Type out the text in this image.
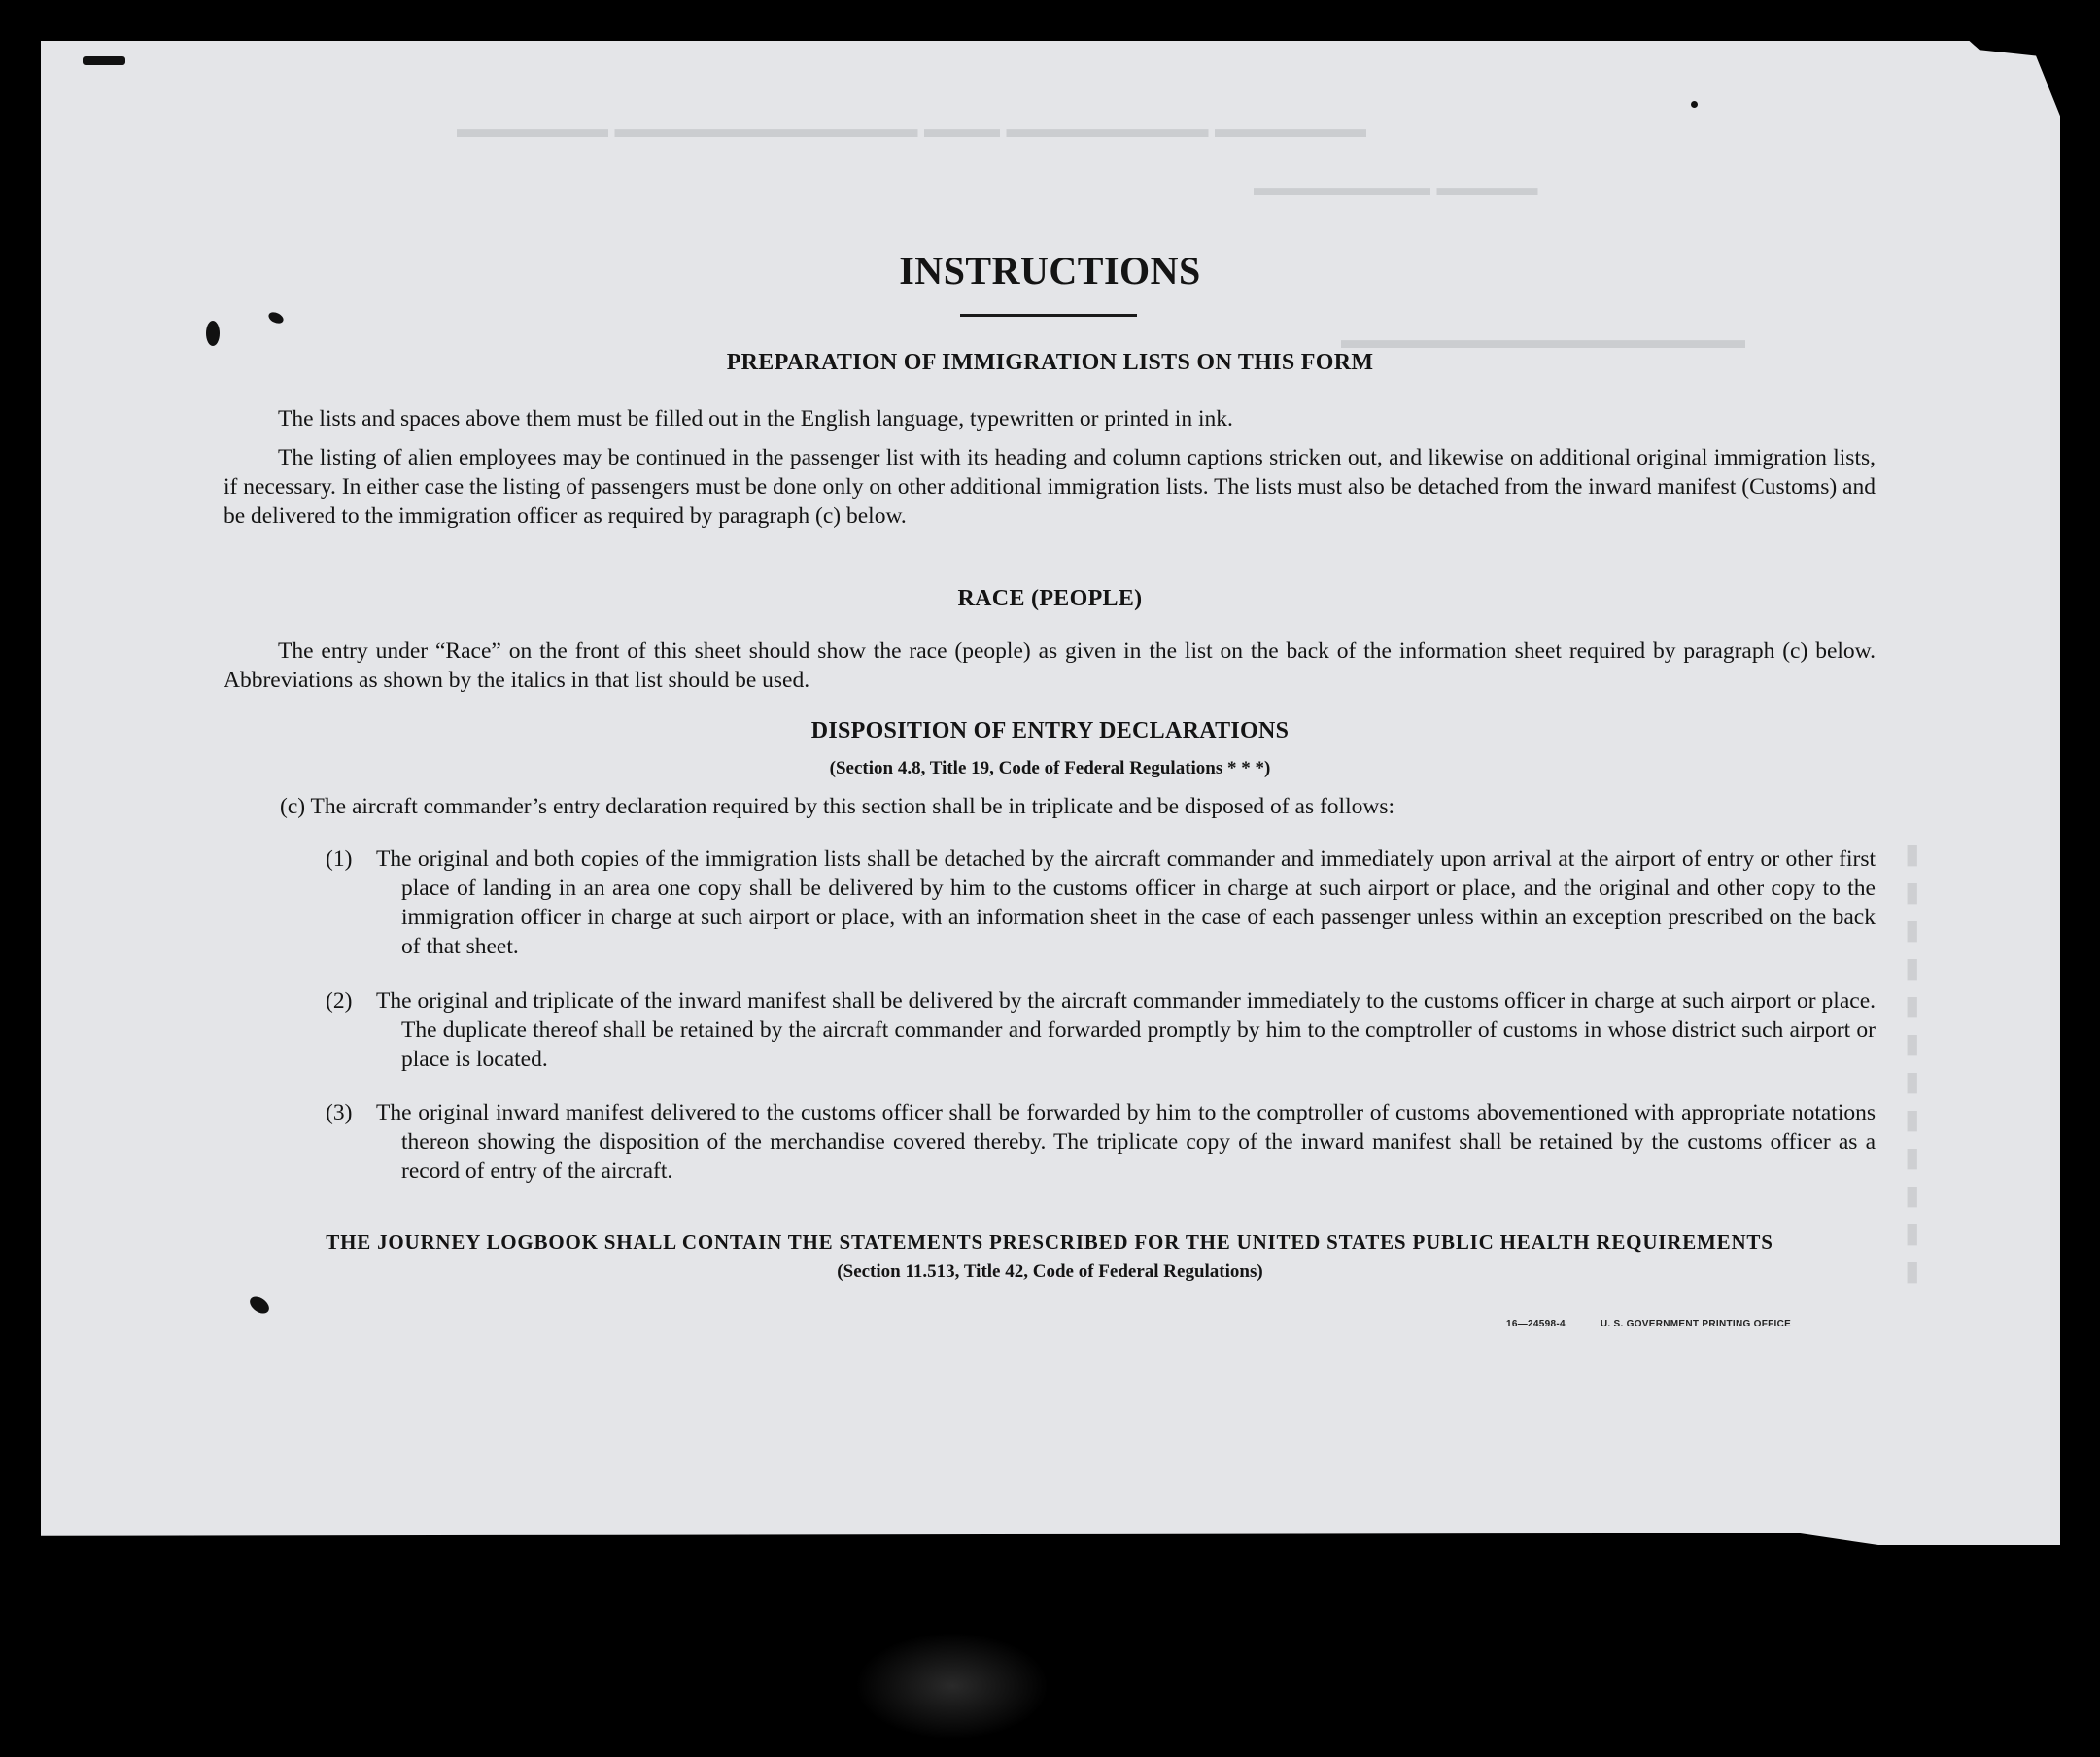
▬▬▬▬▬▬ ▬▬▬▬▬▬▬▬ ▬▬▬ ▬▬▬▬▬▬▬▬▬▬▬▬ ▬▬▬▬▬▬
▬▬▬▬ ▬▬▬▬▬▬▬
▬▬▬▬▬▬▬▬▬▬▬▬▬▬▬▬
▮
▮
▮
▮
▮
▮
▮
▮
▮
▮
▮
▮
INSTRUCTIONS
PREPARATION OF IMMIGRATION LISTS ON THIS FORM

The lists and spaces above them must be filled out in the English language, typewritten or printed in ink.

The listing of alien employees may be continued in the passenger list with its heading and column captions stricken out, and likewise on additional original immigration lists, if necessary. In either case the listing of passengers must be done only on other additional immigration lists. The lists must also be detached from the inward manifest (Customs) and be delivered to the immigration officer as required by paragraph (c) below.

RACE (PEOPLE)

The entry under “Race” on the front of this sheet should show the race (people) as given in the list on the back of the information sheet required by paragraph (c) below. Abbreviations as shown by the italics in that list should be used.

DISPOSITION OF ENTRY DECLARATIONS

(Section 4.8, Title 19, Code of Federal Regulations * * *)

(c) The aircraft commander’s entry declaration required by this section shall be in triplicate and be disposed of as follows:

(1) The original and both copies of the immigration lists shall be detached by the aircraft commander and immediately upon arrival at the airport of entry or other first place of landing in an area one copy shall be delivered by him to the customs officer in charge at such airport or place, and the original and other copy to the immigration officer in charge at such airport or place, with an information sheet in the case of each passenger unless within an exception prescribed on the back of that sheet.
(2) The original and triplicate of the inward manifest shall be delivered by the aircraft commander immediately to the customs officer in charge at such airport or place. The duplicate thereof shall be retained by the aircraft commander and forwarded promptly by him to the comptroller of customs in whose district such airport or place is located.
(3) The original inward manifest delivered to the customs officer shall be forwarded by him to the comptroller of customs abovementioned with appropriate notations thereon showing the disposition of the merchandise covered thereby. The triplicate copy of the inward manifest shall be retained by the customs officer as a record of entry of the aircraft.

THE JOURNEY LOGBOOK SHALL CONTAIN THE STATEMENTS PRESCRIBED FOR THE UNITED STATES PUBLIC HEALTH REQUIREMENTS

(Section 11.513, Title 42, Code of Federal Regulations)

16—24598-4	U. S. GOVERNMENT PRINTING OFFICE
